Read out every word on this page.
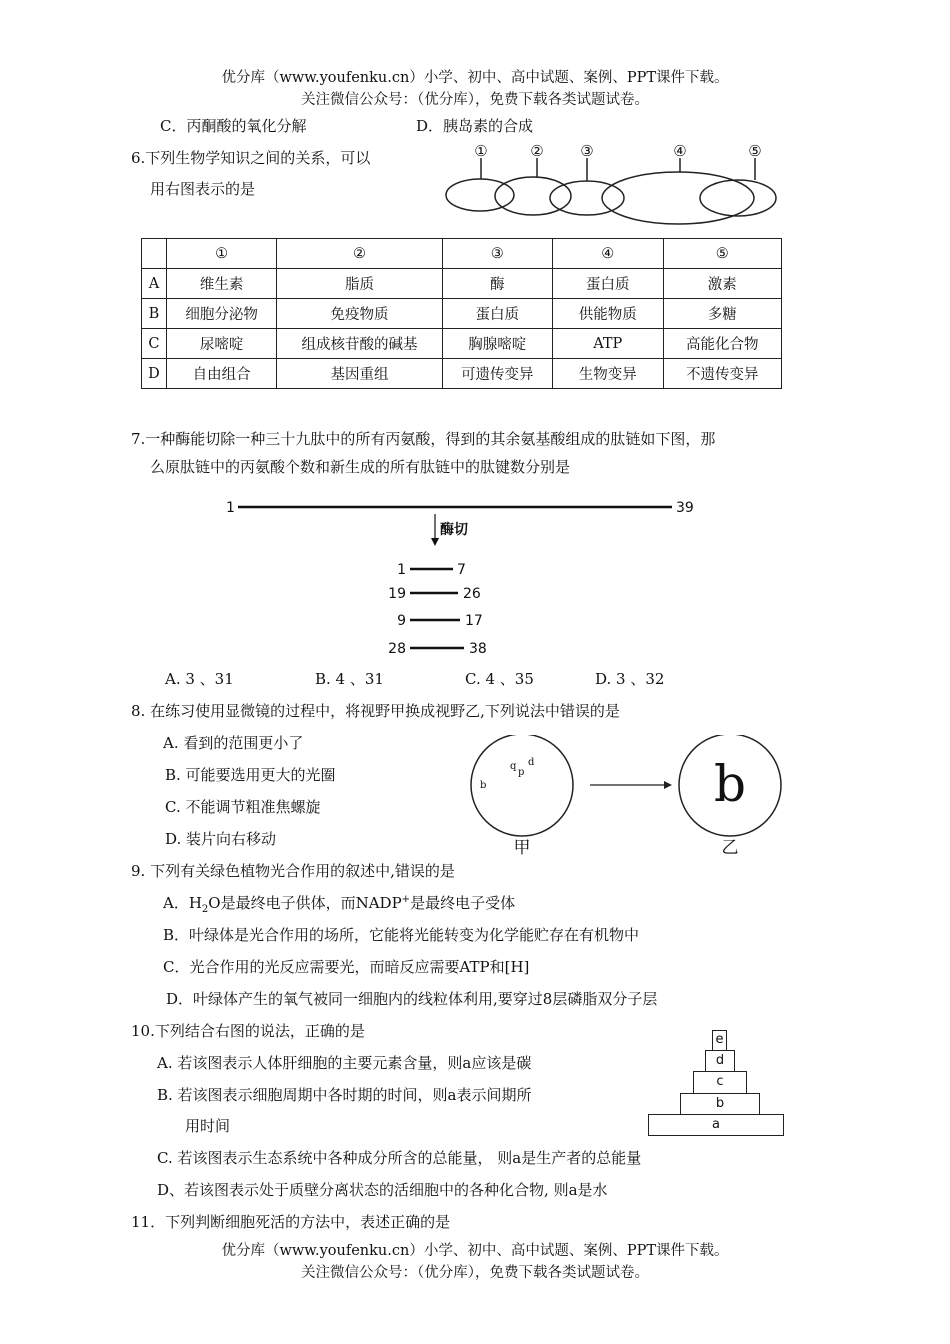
优分库（www.youfenku.cn）小学、初中、高中试题、案例、PPT课件下载。
关注微信公众号：（优分库），免费下载各类试题试卷。
C．丙酮酸的氧化分解	D．胰岛素的合成
6.下列生物学知识之间的关系，可以
用右图表示的是
①	② ③	④	⑤
	①	②	③	④	⑤
A	维生素	脂质	酶	蛋白质	激素
B	细胞分泌物	免疫物质	蛋白质	供能物质	多糖
C	尿嘧啶	组成核苷酸的碱基	胸腺嘧啶	ATP	高能化合物
D	自由组合	基因重组	可遗传变异	生物变异	不遗传变异
7.一种酶能切除一种三十九肽中的所有丙氨酸，得到的其余氨基酸组成的肽链如下图，那
么原肽链中的丙氨酸个数和新生成的所有肽链中的肽键数分别是
1	39
酶切
1	7
19	26
9	17
28	38
A. 3 、31	B. 4 、31	C. 4 、35	D. 3 、32
8. 在练习使用显微镜的过程中，将视野甲换成视野乙,下列说法中错误的是
A. 看到的范围更小了
B. 可能要选用更大的光圈
C. 不能调节粗准焦螺旋
D. 装片向右移动
q
p
d
b	b
甲	乙
9. 下列有关绿色植物光合作用的叙述中,错误的是
A．$H_2O$是最终电子供体，而NADP+是最终电子受体
B．叶绿体是光合作用的场所，它能将光能转变为化学能贮存在有机物中
C．光合作用的光反应需要光，而暗反应需要ATP和[H]
D．叶绿体产生的氧气被同一细胞内的线粒体利用,要穿过8层磷脂双分子层
10.下列结合右图的说法，正确的是
A. 若该图表示人体肝细胞的主要元素含量，则a应该是碳
B. 若该图表示细胞周期中各时期的时间，则a表示间期所
用时间
C. 若该图表示生态系统中各种成分所含的总能量， 则a是生产者的总能量
D、若该图表示处于质壁分离状态的活细胞中的各种化合物, 则a是水
e
d
c
b
a
11．下列判断细胞死活的方法中，表述正确的是
优分库（www.youfenku.cn）小学、初中、高中试题、案例、PPT课件下载。
关注微信公众号：（优分库），免费下载各类试题试卷。
